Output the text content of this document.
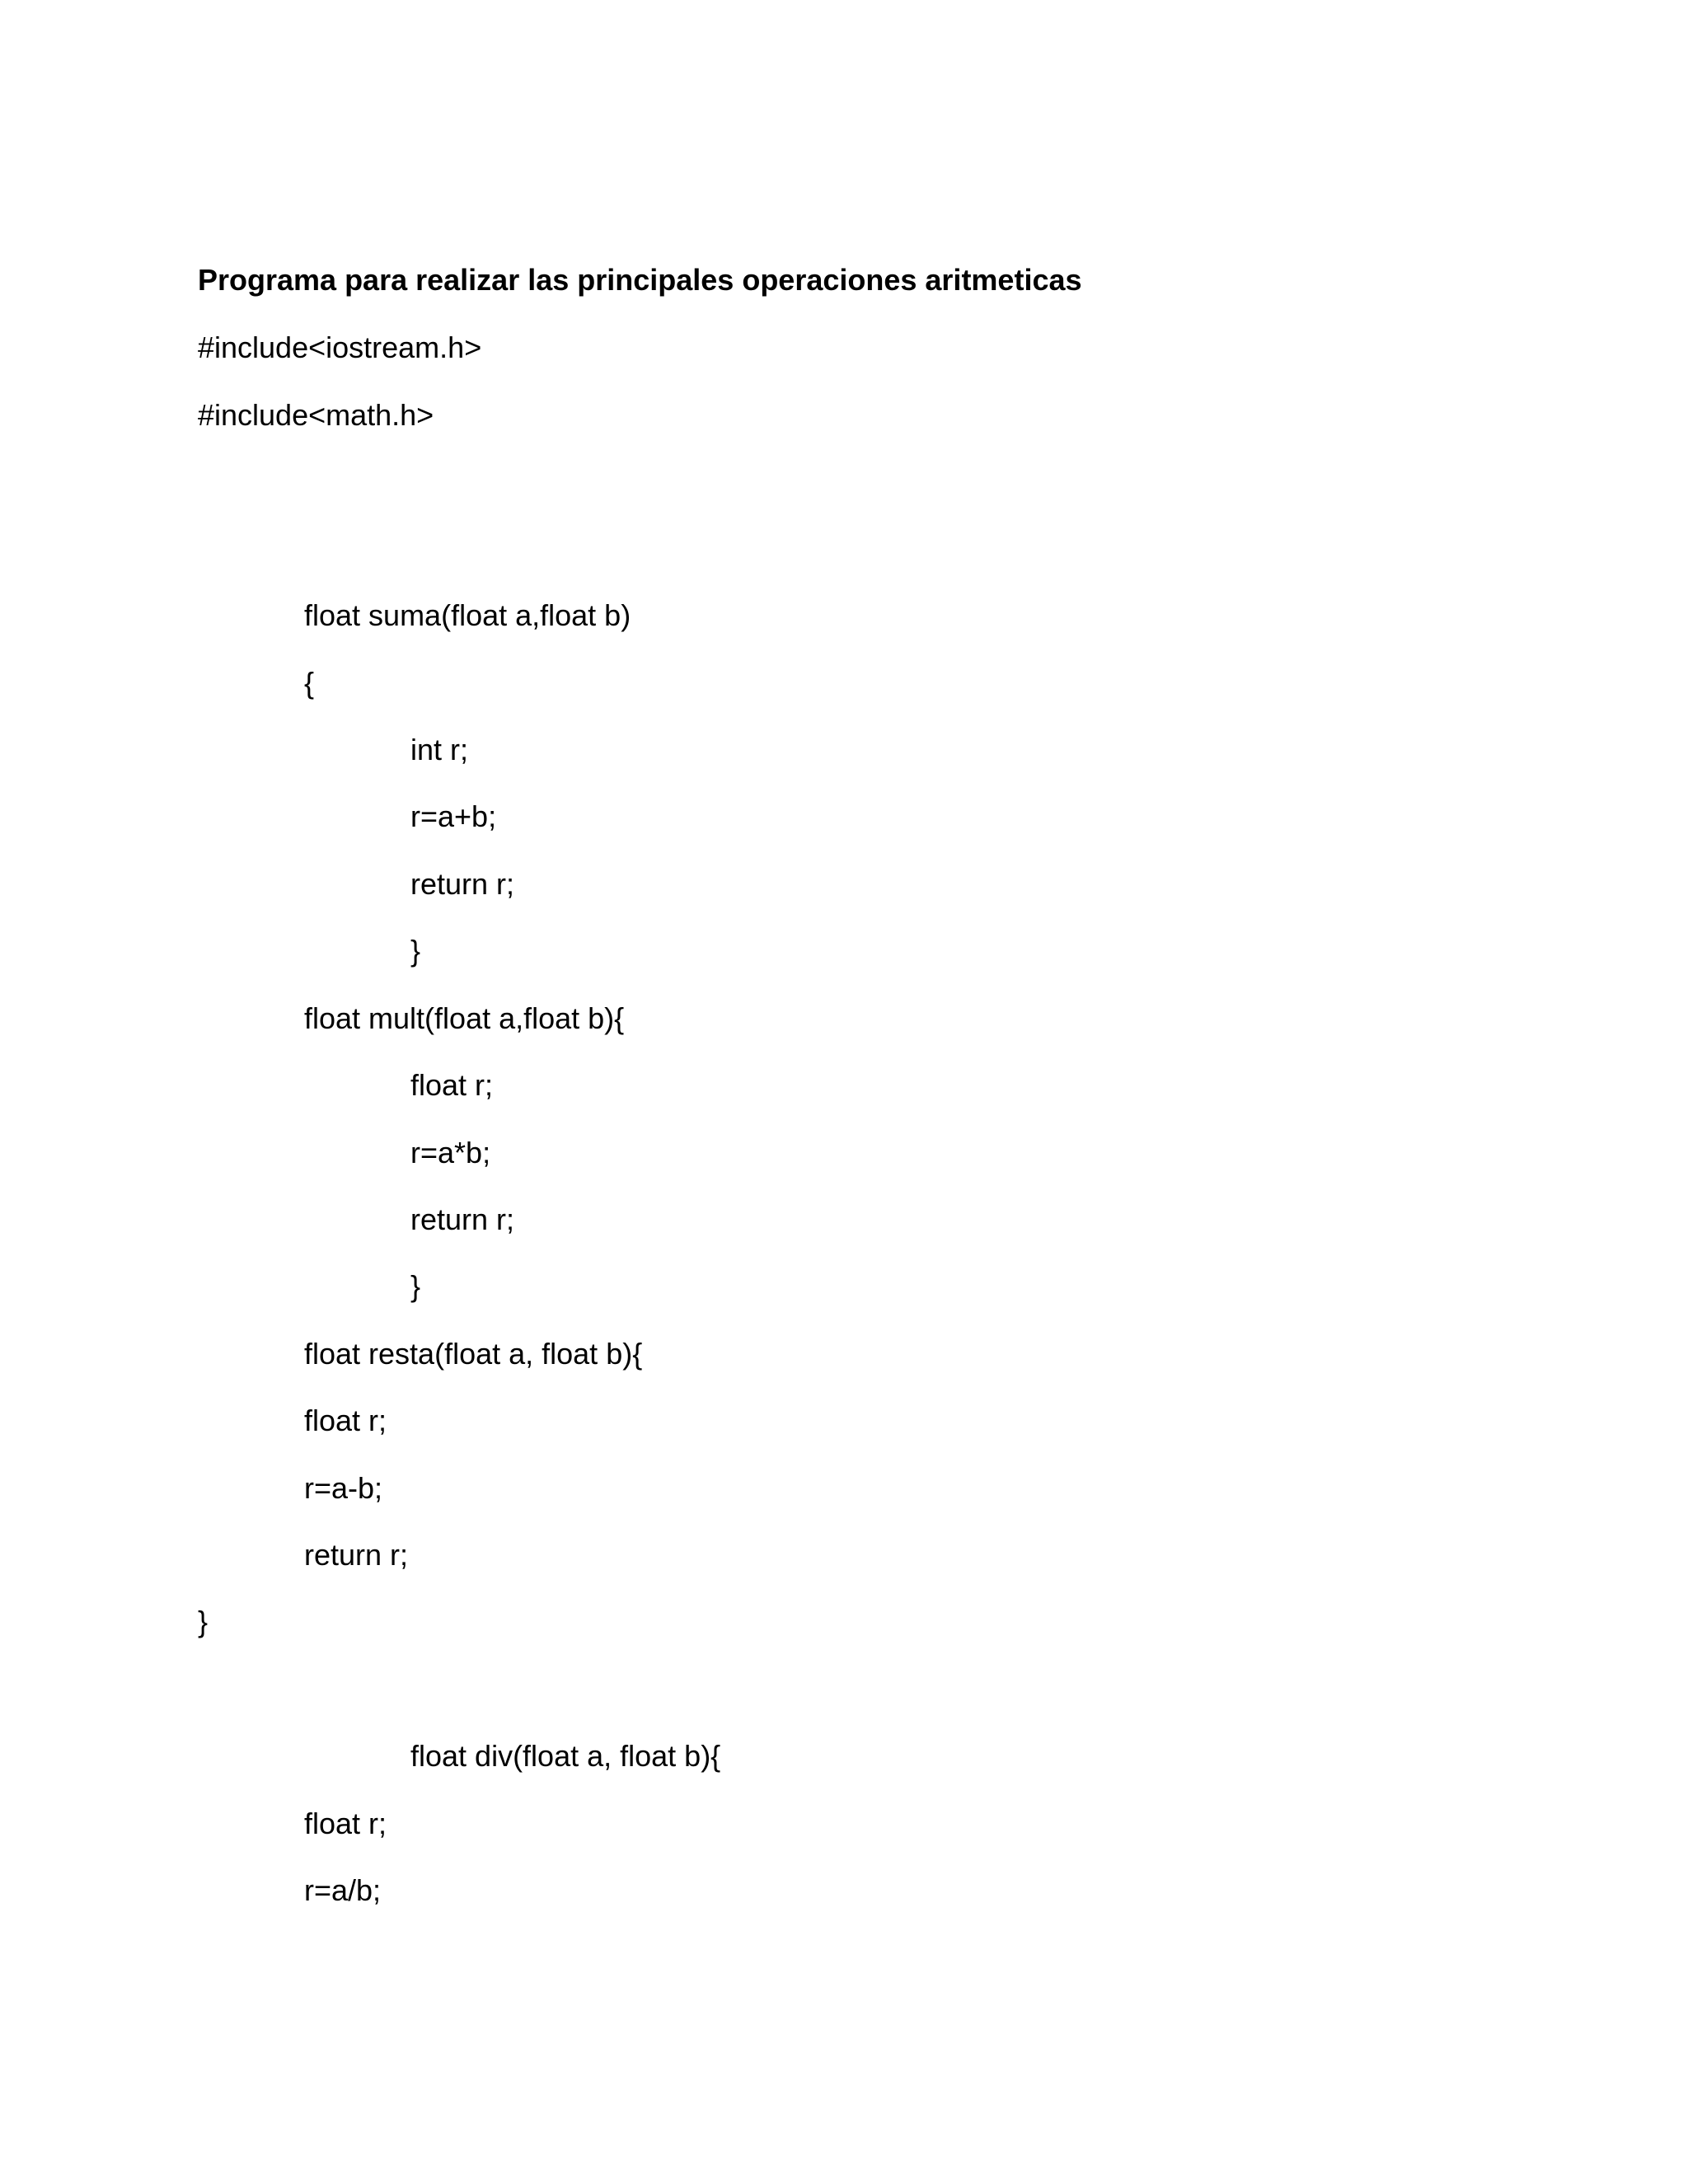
Programa para realizar las principales operaciones aritmeticas

#include<iostream.h>

#include<math.h>

float suma(float a,float b)

{

int r;

r=a+b;

return r;

}

float mult(float a,float b){

float r;

r=a*b;

return r;

}

float resta(float a, float b){

float r;

r=a-b;

return r;

}

float div(float a, float b){

float r;

r=a/b;
